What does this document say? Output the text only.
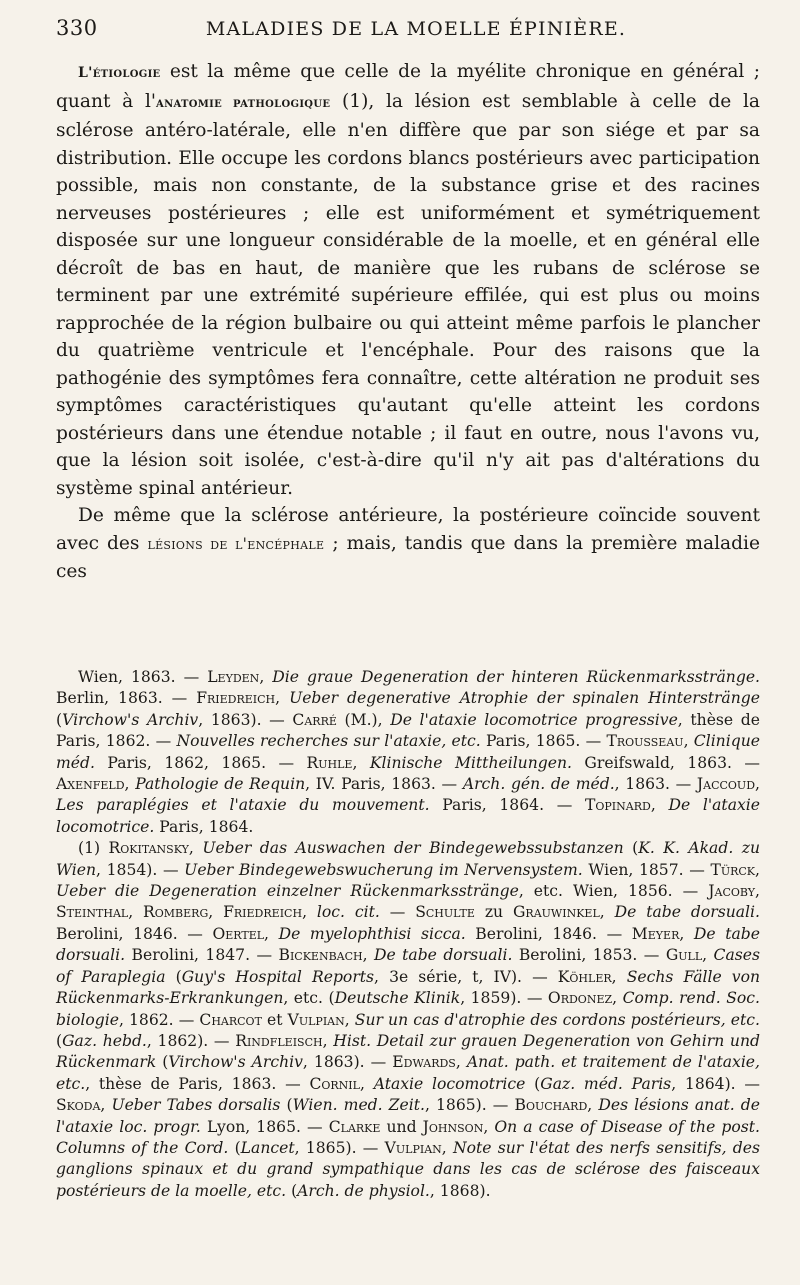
330	MALADIES DE LA MOELLE ÉPINIÈRE.

L'étiologie est la même que celle de la myélite chronique en général ; quant à l'anatomie pathologique (1), la lésion est semblable à celle de la sclérose antéro-latérale, elle n'en diffère que par son siége et par sa distribution. Elle occupe les cordons blancs postérieurs avec participation possible, mais non constante, de la substance grise et des racines nerveuses postérieures ; elle est uniformément et symétriquement disposée sur une longueur considérable de la moelle, et en général elle décroît de bas en haut, de manière que les rubans de sclérose se terminent par une extrémité supérieure effilée, qui est plus ou moins rapprochée de la région bulbaire ou qui atteint même parfois le plancher du quatrième ventricule et l'encéphale. Pour des raisons que la pathogénie des symptômes fera connaître, cette altération ne produit ses symptômes caractéristiques qu'autant qu'elle atteint les cordons postérieurs dans une étendue notable ; il faut en outre, nous l'avons vu, que la lésion soit isolée, c'est-à-dire qu'il n'y ait pas d'altérations du système spinal antérieur.

De même que la sclérose antérieure, la postérieure coïncide souvent avec des lésions de l'encéphale ; mais, tandis que dans la première maladie ces

Wien, 1863. — Leyden, Die graue Degeneration der hinteren Rückenmarksstränge. Berlin, 1863. — Friedreich, Ueber degenerative Atrophie der spinalen Hinterstränge (Virchow's Archiv, 1863). — Carré (M.), De l'ataxie locomotrice progressive, thèse de Paris, 1862. — Nouvelles recherches sur l'ataxie, etc. Paris, 1865. — Trousseau, Clinique méd. Paris, 1862, 1865. — Ruhle, Klinische Mittheilungen. Greifswald, 1863. — Axenfeld, Pathologie de Requin, IV. Paris, 1863. — Arch. gén. de méd., 1863. — Jaccoud, Les paraplégies et l'ataxie du mouvement. Paris, 1864. — Topinard, De l'ataxie locomotrice. Paris, 1864.

(1) Rokitansky, Ueber das Auswachen der Bindegewebssubstanzen (K. K. Akad. zu Wien, 1854). — Ueber Bindegewebswucherung im Nervensystem. Wien, 1857. — Türck, Ueber die Degeneration einzelner Rückenmarksstränge, etc. Wien, 1856. — Jacoby, Steinthal, Romberg, Friedreich, loc. cit. — Schulte zu Grauwinkel, De tabe dorsuali. Berolini, 1846. — Oertel, De myelophthisi sicca. Berolini, 1846. — Meyer, De tabe dorsuali. Berolini, 1847. — Bickenbach, De tabe dorsuali. Berolini, 1853. — Gull, Cases of Paraplegia (Guy's Hospital Reports, 3e série, t, IV). — Köhler, Sechs Fälle von Rückenmarks-Erkrankungen, etc. (Deutsche Klinik, 1859). — Ordonez, Comp. rend. Soc. biologie, 1862. — Charcot et Vulpian, Sur un cas d'atrophie des cordons postérieurs, etc. (Gaz. hebd., 1862). — Rindfleisch, Hist. Detail zur grauen Degeneration von Gehirn und Rückenmark (Virchow's Archiv, 1863). — Edwards, Anat. path. et traitement de l'ataxie, etc., thèse de Paris, 1863. — Cornil, Ataxie locomotrice (Gaz. méd. Paris, 1864). — Skoda, Ueber Tabes dorsalis (Wien. med. Zeit., 1865). — Bouchard, Des lésions anat. de l'ataxie loc. progr. Lyon, 1865. — Clarke und Johnson, On a case of Disease of the post. Columns of the Cord. (Lancet, 1865). — Vulpian, Note sur l'état des nerfs sensitifs, des ganglions spinaux et du grand sympathique dans les cas de sclérose des faisceaux postérieurs de la moelle, etc. (Arch. de physiol., 1868).
